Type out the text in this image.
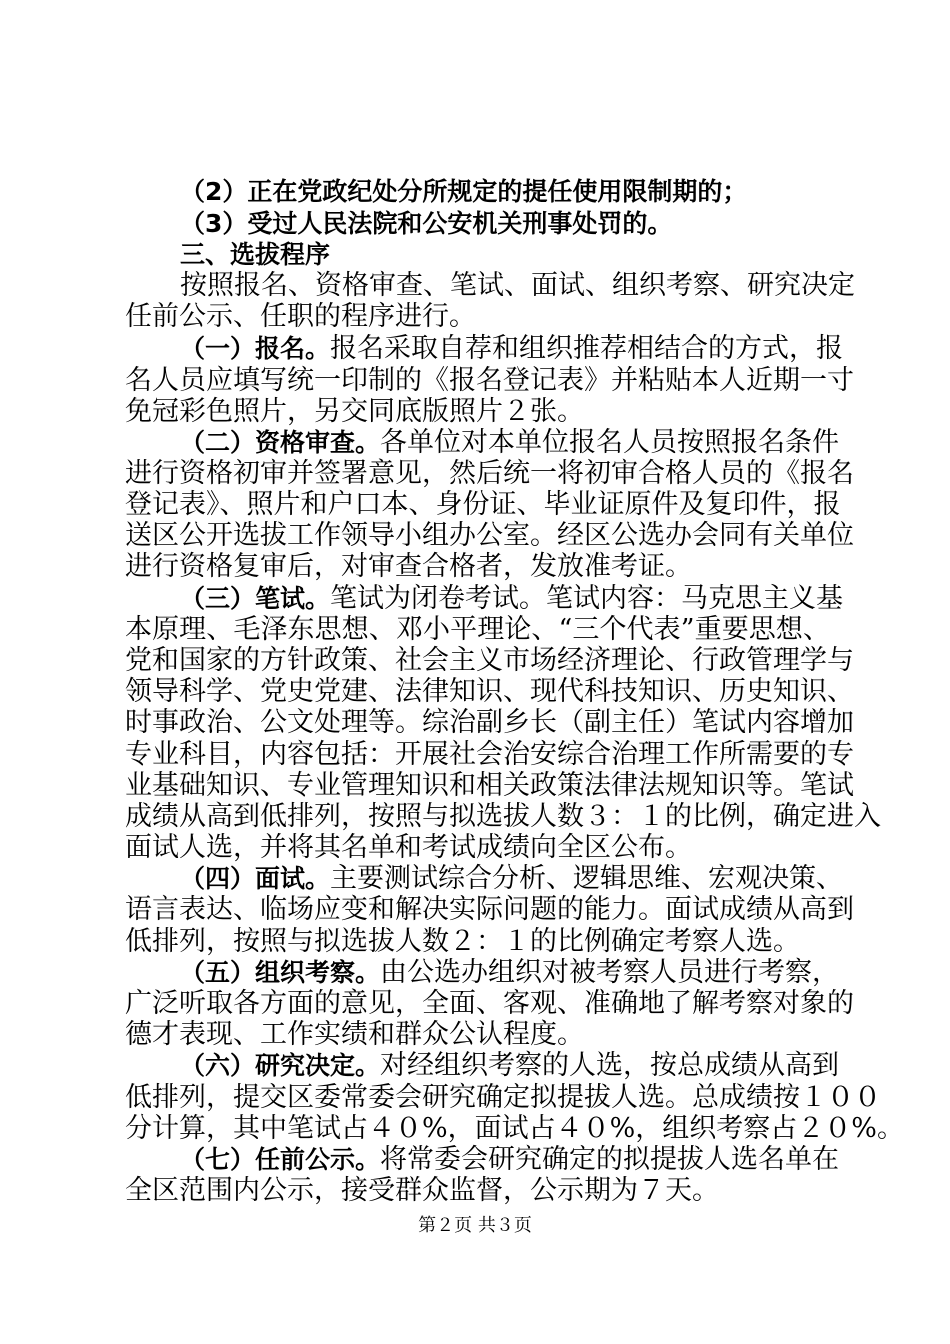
（2）正在党政纪处分所规定的提任使用限制期的；
（3）受过人民法院和公安机关刑事处罚的。
三、选拔程序
按照报名、资格审查、笔试、面试、组织考察、研究决定
任前公示、任职的程序进行。
（一）报名。报名采取自荐和组织推荐相结合的方式，报
名人员应填写统一印制的《报名登记表》并粘贴本人近期一寸
免冠彩色照片，另交同底版照片２张。
（二）资格审查。各单位对本单位报名人员按照报名条件
进行资格初审并签署意见，然后统一将初审合格人员的《报名
登记表》、照片和户口本、身份证、毕业证原件及复印件，报
送区公开选拔工作领导小组办公室。经区公选办会同有关单位
进行资格复审后，对审查合格者，发放准考证。
（三）笔试。笔试为闭卷考试。笔试内容：马克思主义基
本原理、毛泽东思想、邓小平理论、“三个代表”重要思想、
党和国家的方针政策、社会主义市场经济理论、行政管理学与
领导科学、党史党建、法律知识、现代科技知识、历史知识、
时事政治、公文处理等。综治副乡长（副主任）笔试内容增加
专业科目，内容包括：开展社会治安综合治理工作所需要的专
业基础知识、专业管理知识和相关政策法律法规知识等。笔试
成绩从高到低排列，按照与拟选拔人数３：１的比例，确定进入
面试人选，并将其名单和考试成绩向全区公布。
（四）面试。主要测试综合分析、逻辑思维、宏观决策、
语言表达、临场应变和解决实际问题的能力。面试成绩从高到
低排列，按照与拟选拔人数２：１的比例确定考察人选。
（五）组织考察。由公选办组织对被考察人员进行考察，
广泛听取各方面的意见，全面、客观、准确地了解考察对象的
德才表现、工作实绩和群众公认程度。
（六）研究决定。对经组织考察的人选，按总成绩从高到
低排列，提交区委常委会研究确定拟提拔人选。总成绩按１００
分计算，其中笔试占４０%，面试占４０%，组织考察占２０%。
（七）任前公示。将常委会研究确定的拟提拔人选名单在
全区范围内公示，接受群众监督，公示期为７天。
第２页 共３页
